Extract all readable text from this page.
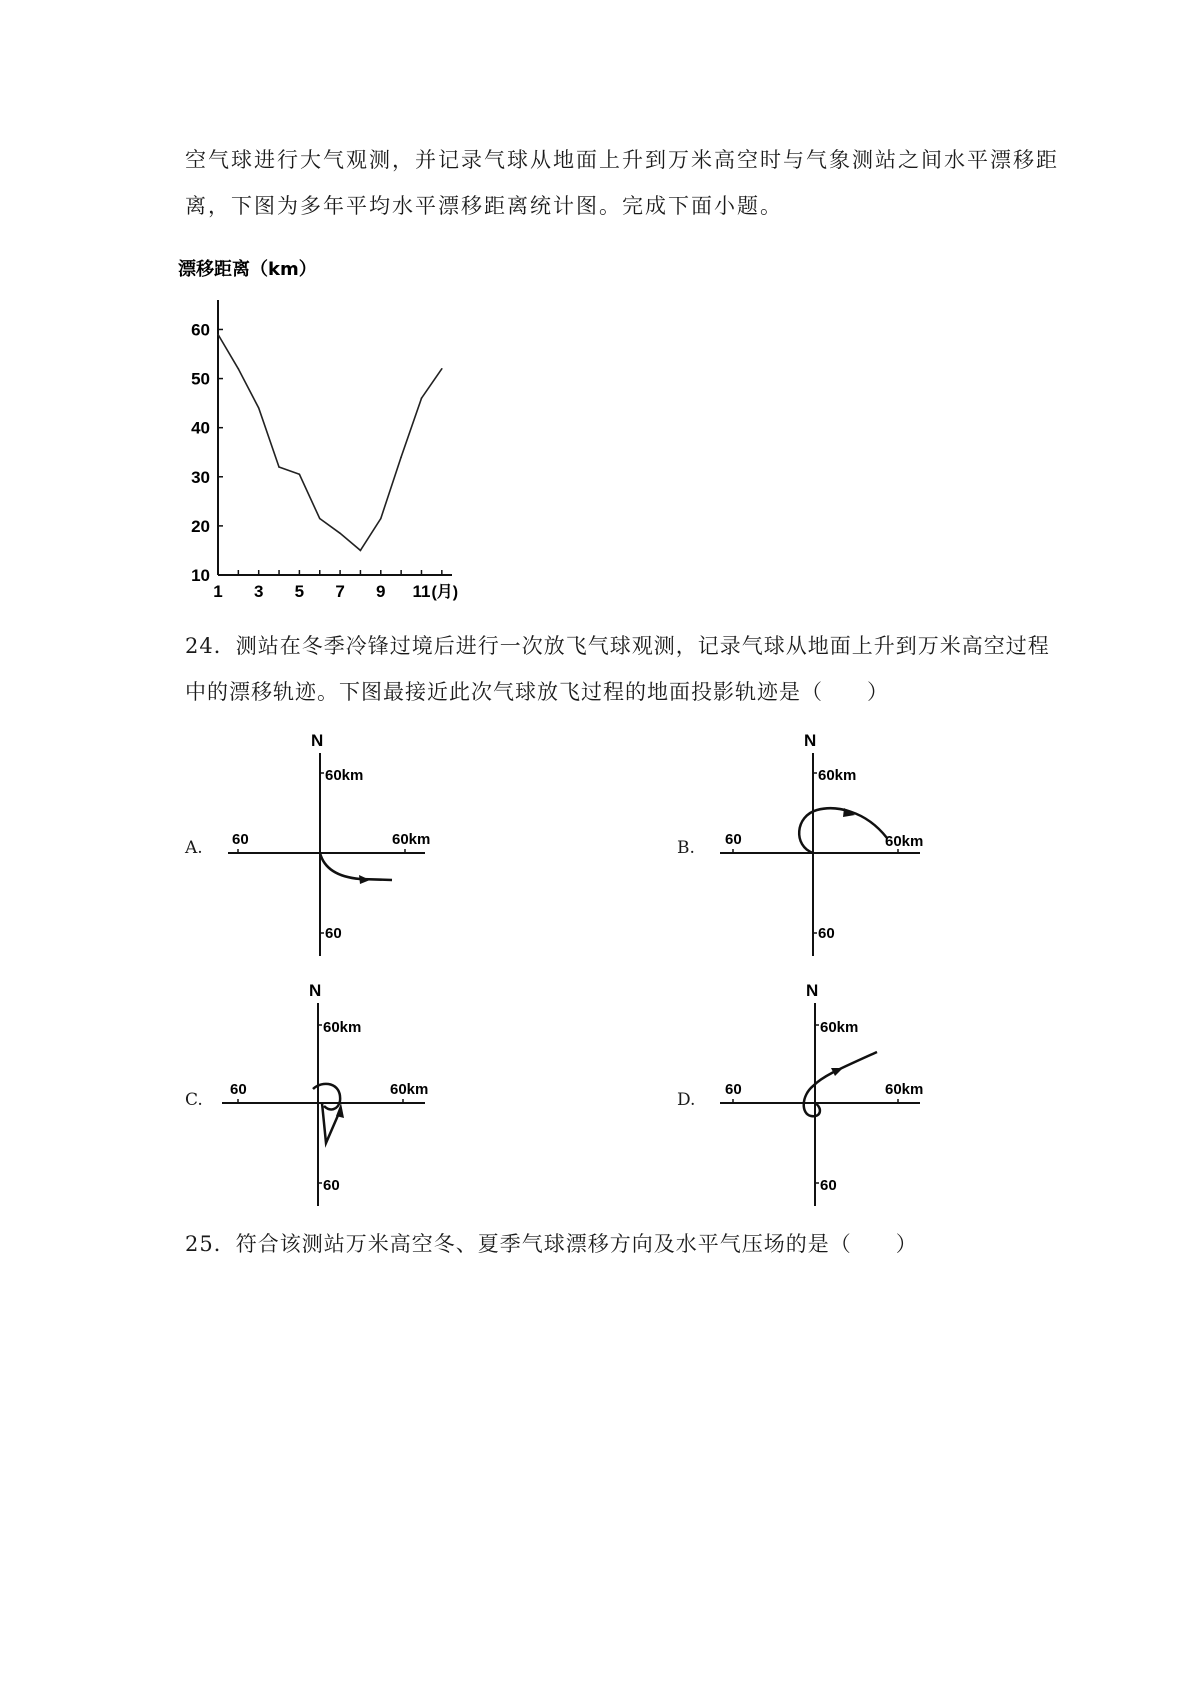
空气球进行大气观测，并记录气球从地面上升到万米高空时与气象测站之间水平漂移距
离，下图为多年平均水平漂移距离统计图。完成下面小题。
漂移距离（km）
10
20
30
40
50
60
1 3 5 7 9 11 (月)
24．测站在冬季冷锋过境后进行一次放飞气球观测，记录气球从地面上升到万米高空过程
中的漂移轨迹。下图最接近此次气球放飞过程的地面投影轨迹是（　　）
A.
N
60km
60	60km
60
B.
N
60km
60	60km
60
C.
N
60km
60	60km
60
D.
N
60km
60	60km
60
25．符合该测站万米高空冬、夏季气球漂移方向及水平气压场的是（　　）
